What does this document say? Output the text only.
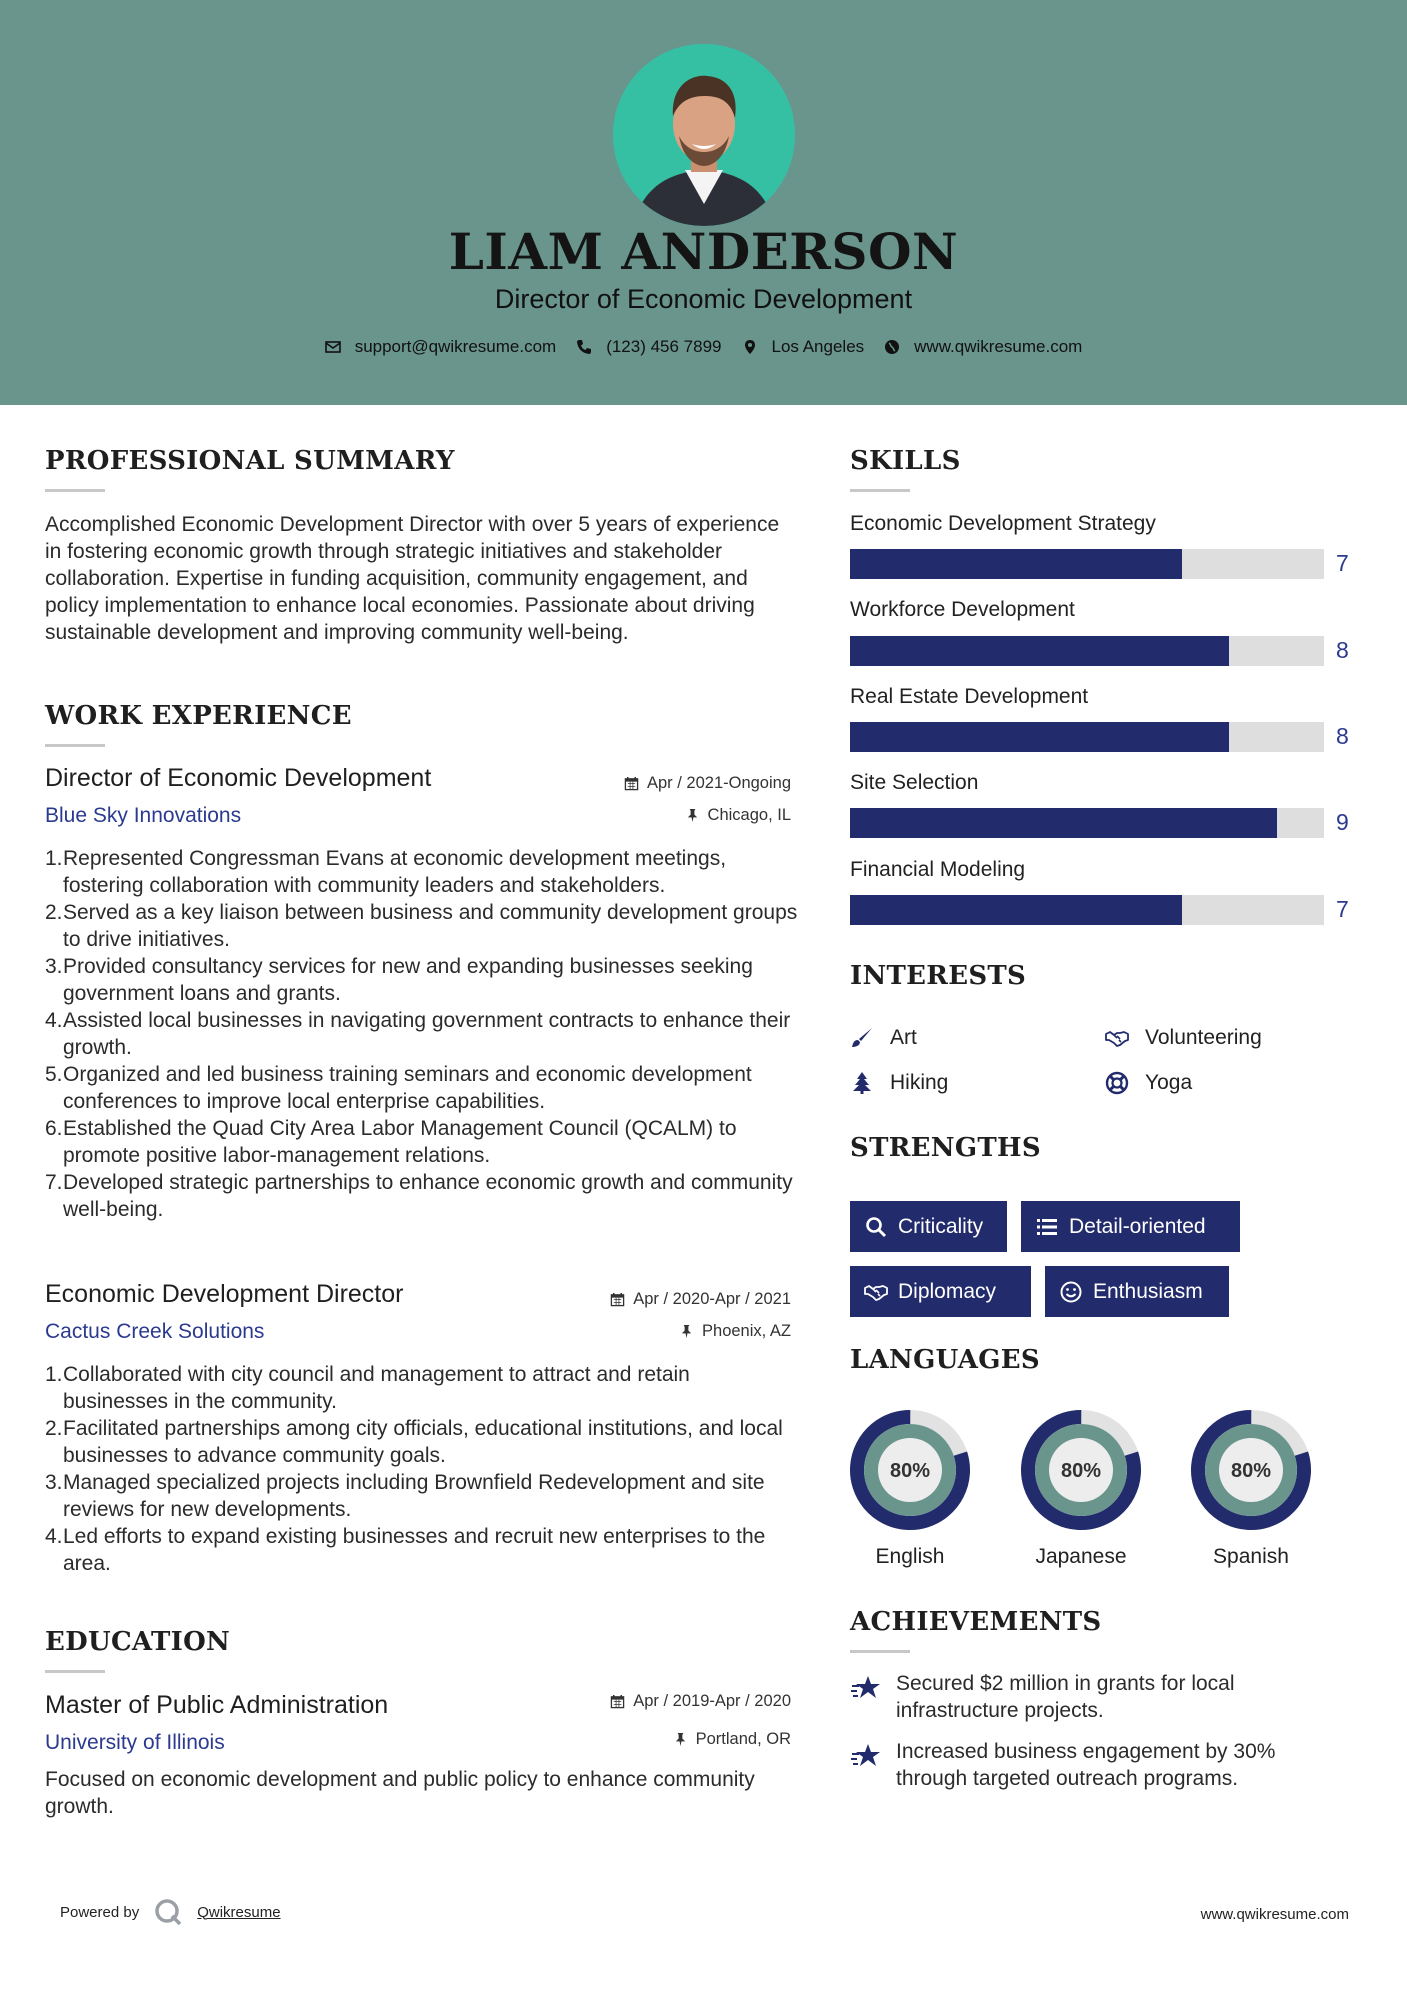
LIAM ANDERSON
Director of Economic Development
support@qwikresume.com	(123) 456 7899	Los Angeles	www.qwikresume.com
PROFESSIONAL SUMMARY
Accomplished Economic Development Director with over 5 years of experience in fostering economic growth through strategic initiatives and stakeholder collaboration. Expertise in funding acquisition, community engagement, and policy implementation to enhance local economies. Passionate about driving sustainable development and improving community well-being.
WORK EXPERIENCE
Director of Economic Development	Apr / 2021-Ongoing
Blue Sky Innovations	Chicago, IL
1. Represented Congressman Evans at economic development meetings, fostering collaboration with community leaders and stakeholders.
2. Served as a key liaison between business and community development groups to drive initiatives.
3. Provided consultancy services for new and expanding businesses seeking government loans and grants.
4. Assisted local businesses in navigating government contracts to enhance their growth.
5. Organized and led business training seminars and economic development conferences to improve local enterprise capabilities.
6. Established the Quad City Area Labor Management Council (QCALM) to promote positive labor-management relations.
7. Developed strategic partnerships to enhance economic growth and community well-being.
Economic Development Director	Apr / 2020-Apr / 2021
Cactus Creek Solutions	Phoenix, AZ
1. Collaborated with city council and management to attract and retain businesses in the community.
2. Facilitated partnerships among city officials, educational institutions, and local businesses to advance community goals.
3. Managed specialized projects including Brownfield Redevelopment and site reviews for new developments.
4. Led efforts to expand existing businesses and recruit new enterprises to the area.
EDUCATION
Master of Public Administration	Apr / 2019-Apr / 2020
University of Illinois	Portland, OR
Focused on economic development and public policy to enhance community growth.
SKILLS
Economic Development Strategy
7
Workforce Development
8
Real Estate Development
8
Site Selection
9
Financial Modeling
7
INTERESTS
Art	Volunteering
Hiking	Yoga
STRENGTHS
Criticality	Detail-oriented
Diplomacy	Enthusiasm
LANGUAGES
80%
English
80%
Japanese
80%
Spanish
ACHIEVEMENTS
Secured $2 million in grants for local infrastructure projects.
Increased business engagement by 30% through targeted outreach programs.
Powered by	Qwikresume	www.qwikresume.com
